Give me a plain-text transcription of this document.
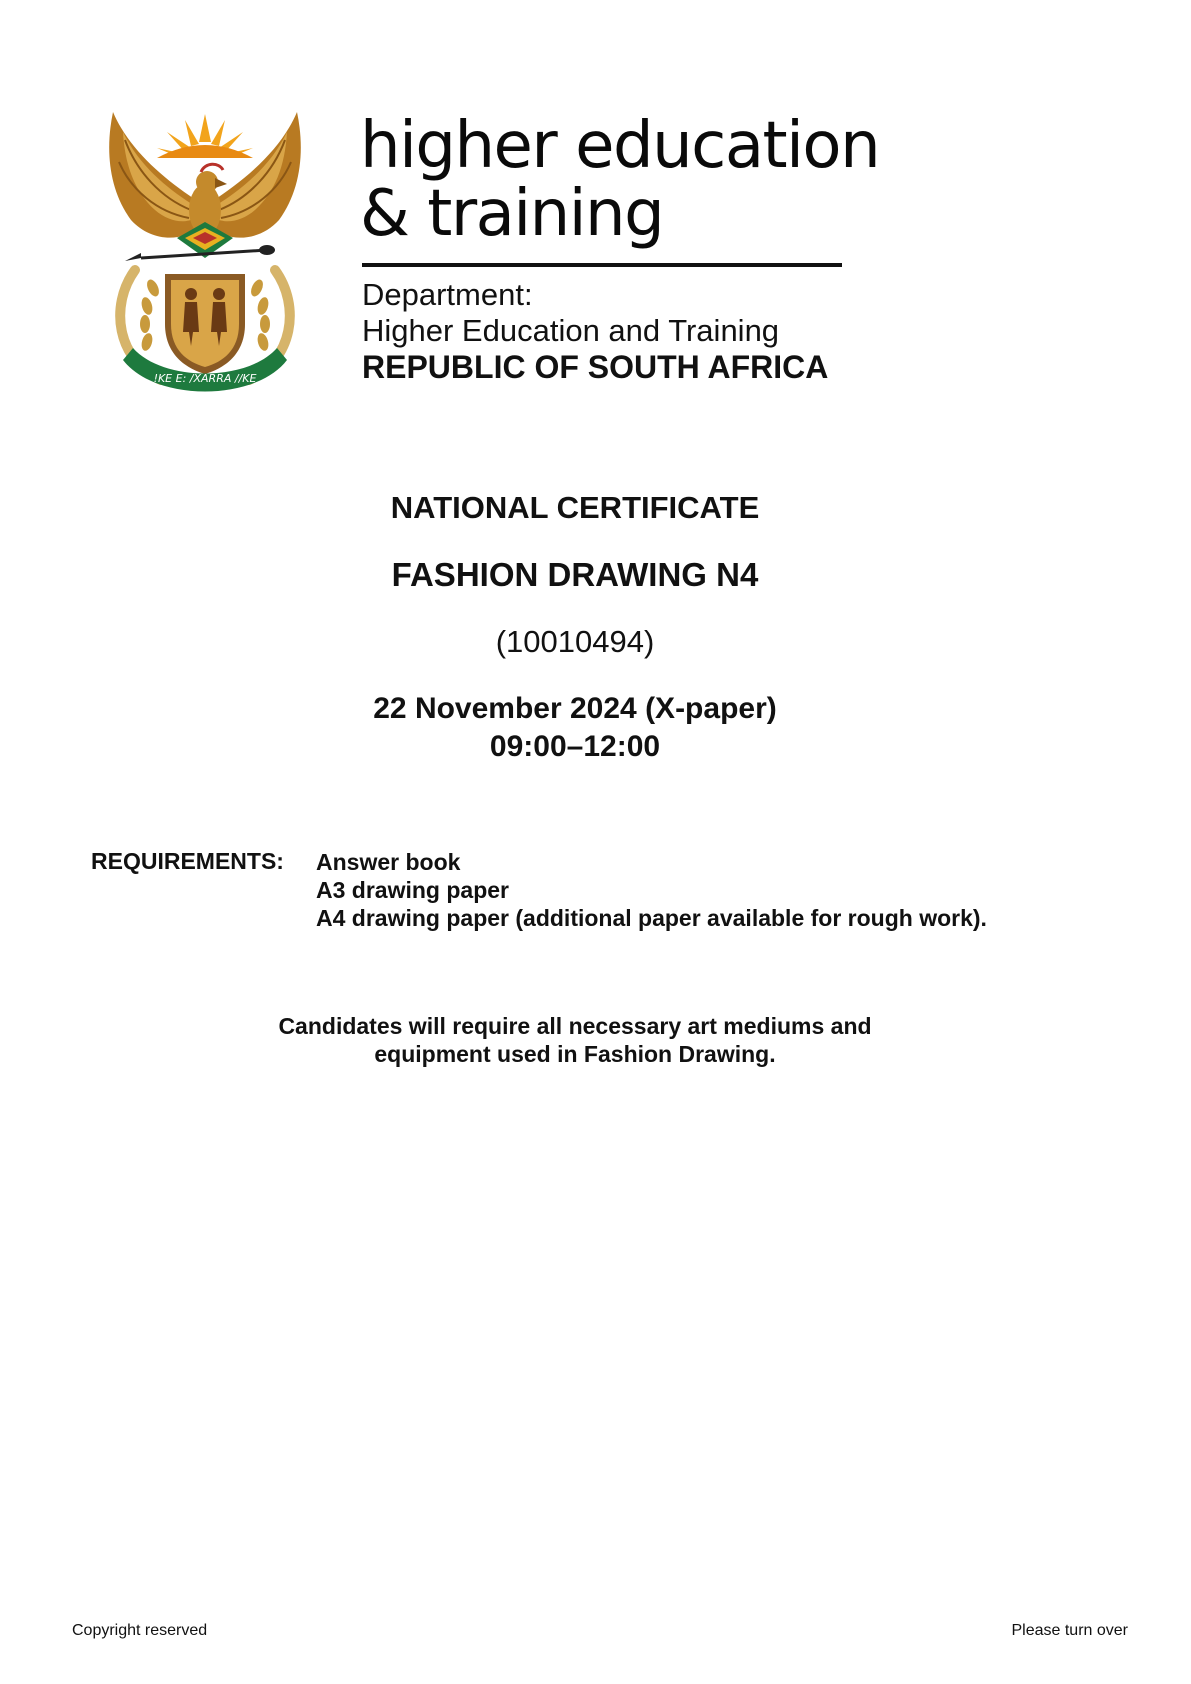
!KE E: /XARRA //KE
higher education
& training
Department:
Higher Education and Training
REPUBLIC OF SOUTH AFRICA
NATIONAL CERTIFICATE
FASHION DRAWING N4
(10010494)
22 November 2024 (X-paper)
09:00–12:00
REQUIREMENTS: Answer book
A3 drawing paper
A4 drawing paper (additional paper available for rough work).
Candidates will require all necessary art mediums and
equipment used in Fashion Drawing.
Copyright reserved	Please turn over
